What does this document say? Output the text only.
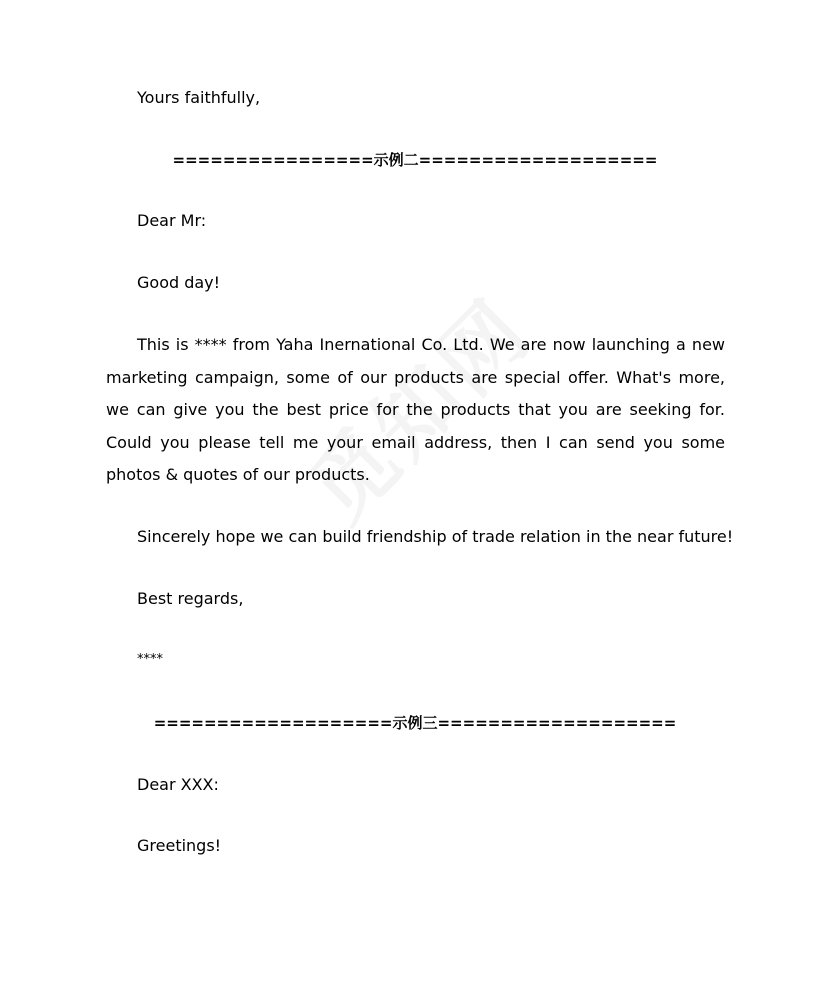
Yours faithfully,

================示例二===================

Dear Mr:

Good day!

This is **** from Yaha Inernational Co. Ltd. We are now launching a new marketing campaign, some of our products are special offer. What's more, we can give you the best price for the products that you are seeking for. Could you please tell me your email address, then I can send you some photos & quotes of our products.

Sincerely hope we can build friendship of trade relation in the near future!

Best regards,

****

===================示例三===================

Dear XXX:

Greetings!
